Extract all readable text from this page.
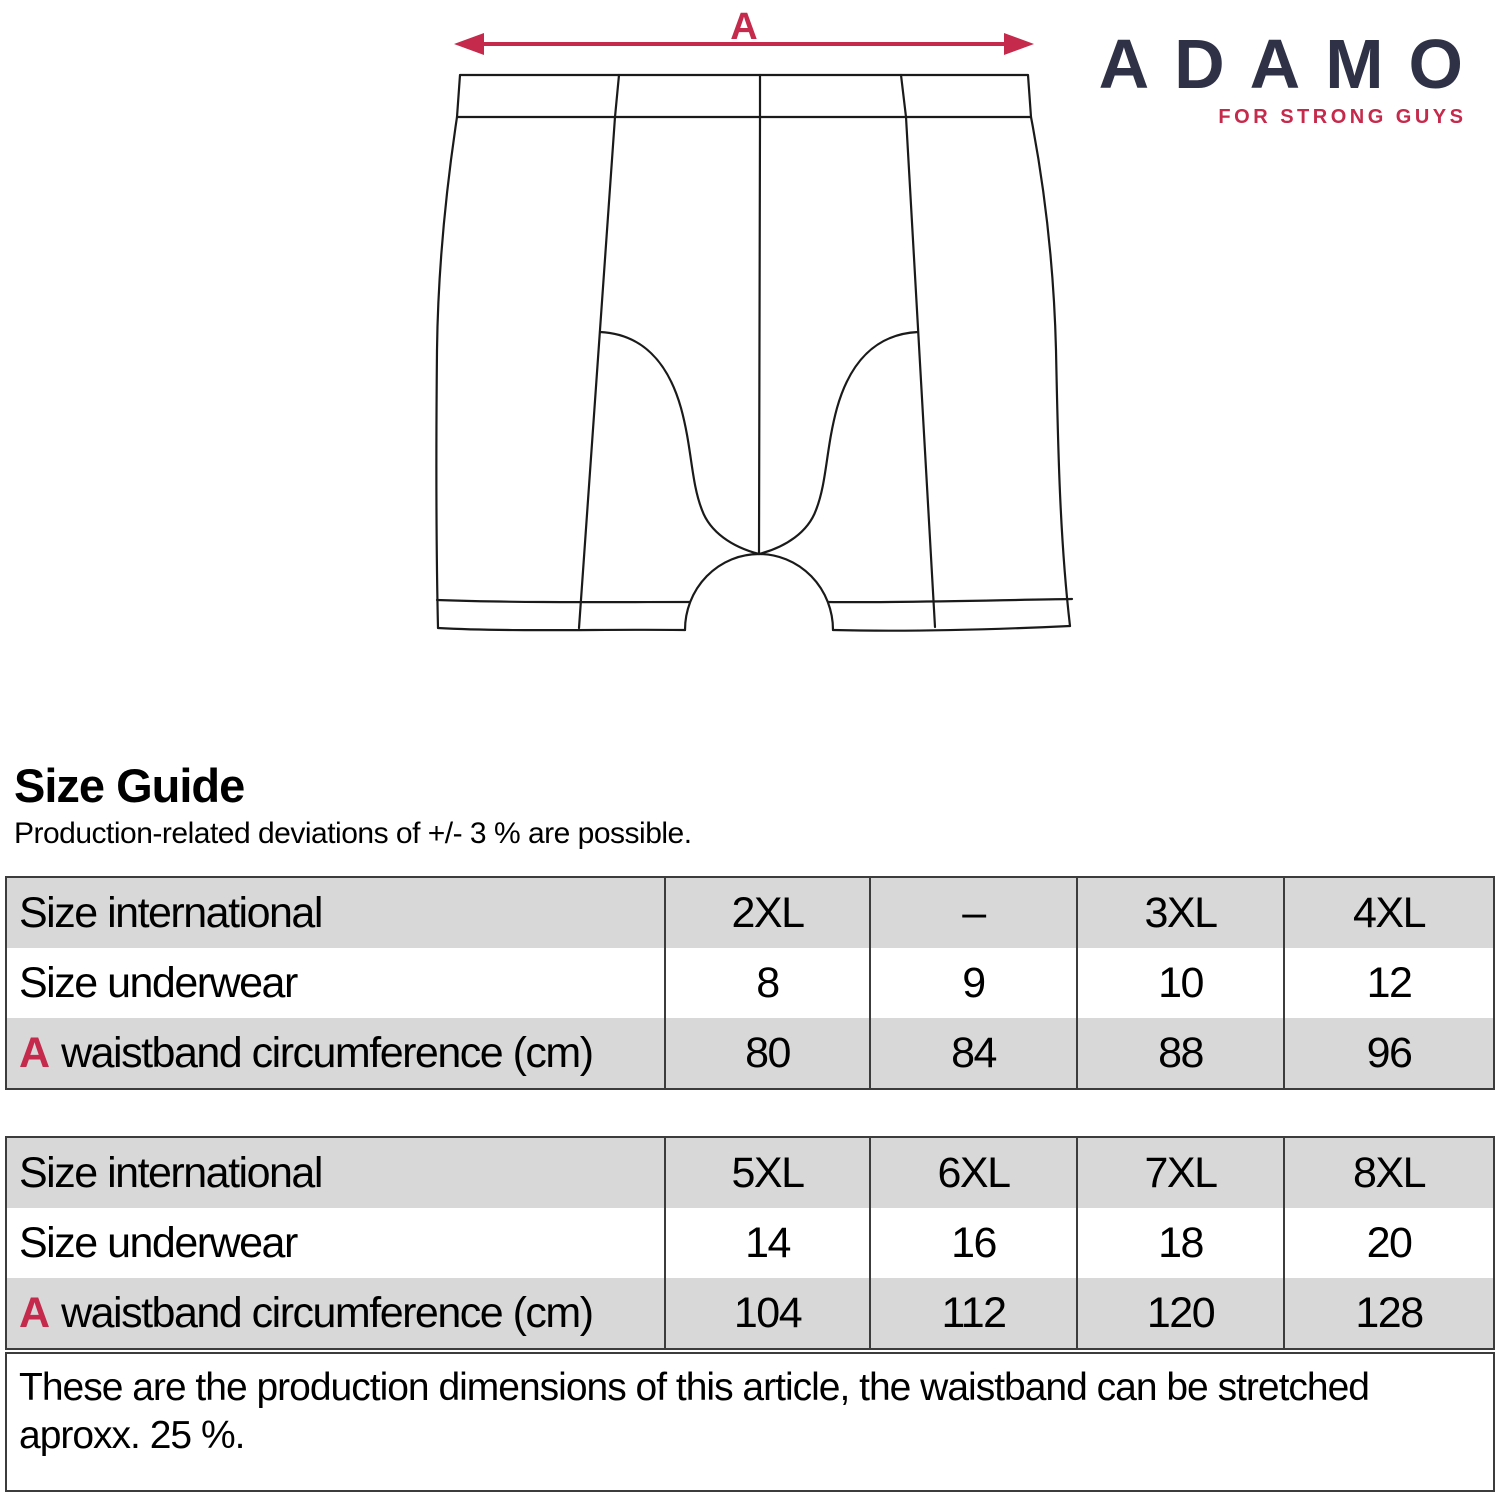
A	ADAMO
FOR STRONG GUYS
Size Guide
Production-related deviations of +/- 3 % are possible.
Size international	2XL	–	3XL	4XL
Size underwear	8	9	10	12
A waistband circumference (cm)	80	84	88	96
Size international	5XL	6XL	7XL	8XL
Size underwear	14	16	18	20
A waistband circumference (cm)	104	112	120	128
These are the production dimensions of this article, the waistband can be stretched aproxx. 25 %.
